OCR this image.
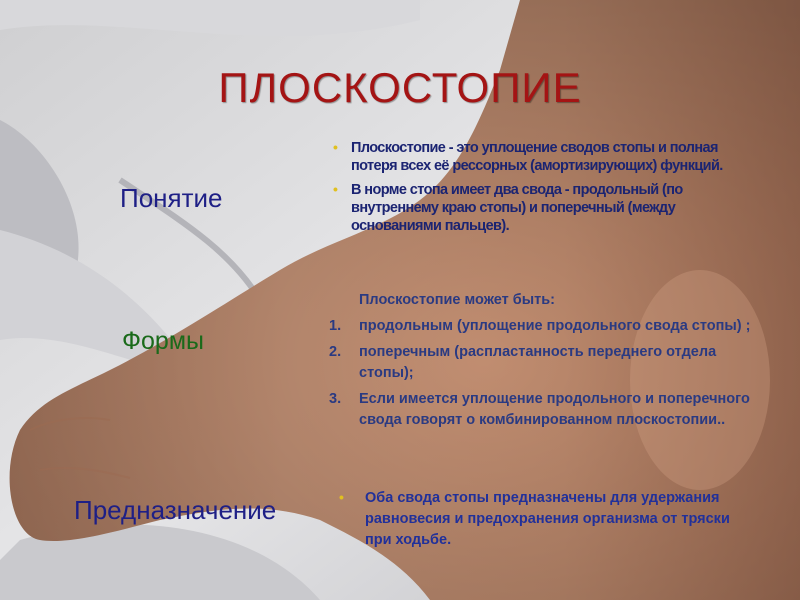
ПЛОСКОСТОПИЕ
Понятие
Формы
Предназначение
• Плоскостопие - это уплощение сводов стопы и полная потеря всех её рессорных (амортизирующих) функций.
• В норме стопа имеет два свода - продольный (по внутреннему краю стопы) и поперечный (между основаниями пальцев).
Плоскостопие может быть:
1. продольным (уплощение продольного свода стопы) ;
2. поперечным (распластанность переднего отдела стопы);
3. Если имеется уплощение продольного и поперечного свода говорят о комбинированном плоскостопии..
• Оба свода стопы предназначены для удержания равновесия и предохранения организма от тряски при ходьбе.
